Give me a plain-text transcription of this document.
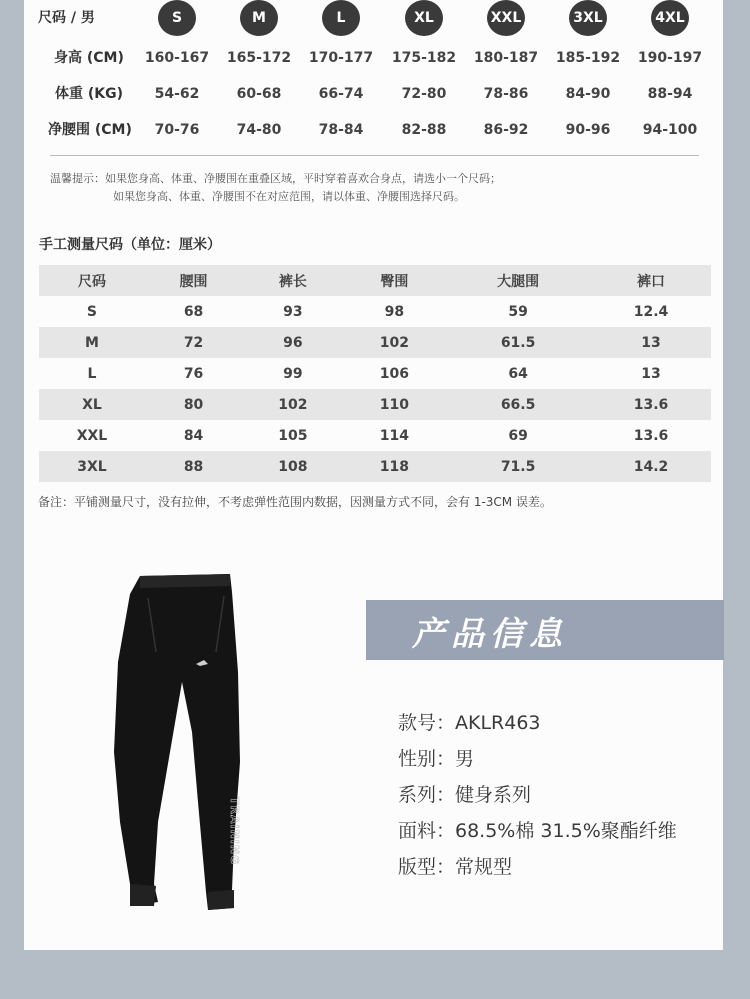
尺码 / 男	S	M	L	XL	XXL	3XL	4XL
身高 (CM)	160-167	165-172	170-177	175-182	180-187	185-192	190-197
体重 (KG)	54-62	60-68	66-74	72-80	78-86	84-90	88-94
净腰围 (CM)	70-76	74-80	78-84	82-88	86-92	90-96	94-100
温馨提示：如果您身高、体重、净腰围在重叠区域，平时穿着喜欢合身点，请选小一个尺码；
如果您身高、体重、净腰围不在对应范围，请以体重、净腰围选择尺码。
手工测量尺码（单位：厘米）
尺码	腰围	裤长	臀围	大腿围	裤口
S	68	93	98	59	12.4
M	72	96	102	61.5	13
L	76	99	106	64	13
XL	80	102	110	66.5	13.6
XXL	84	105	114	69	13.6
3XL	88	108	118	71.5	14.2
备注：平铺测量尺寸，没有拉伸，不考虑弹性范围内数据，因测量方式不同，会有 1-3CM 误差。
TRAINING
产品信息
款号：AKLR463
性别：男
系列：健身系列
面料：68.5%棉 31.5%聚酯纤维
版型：常规型
